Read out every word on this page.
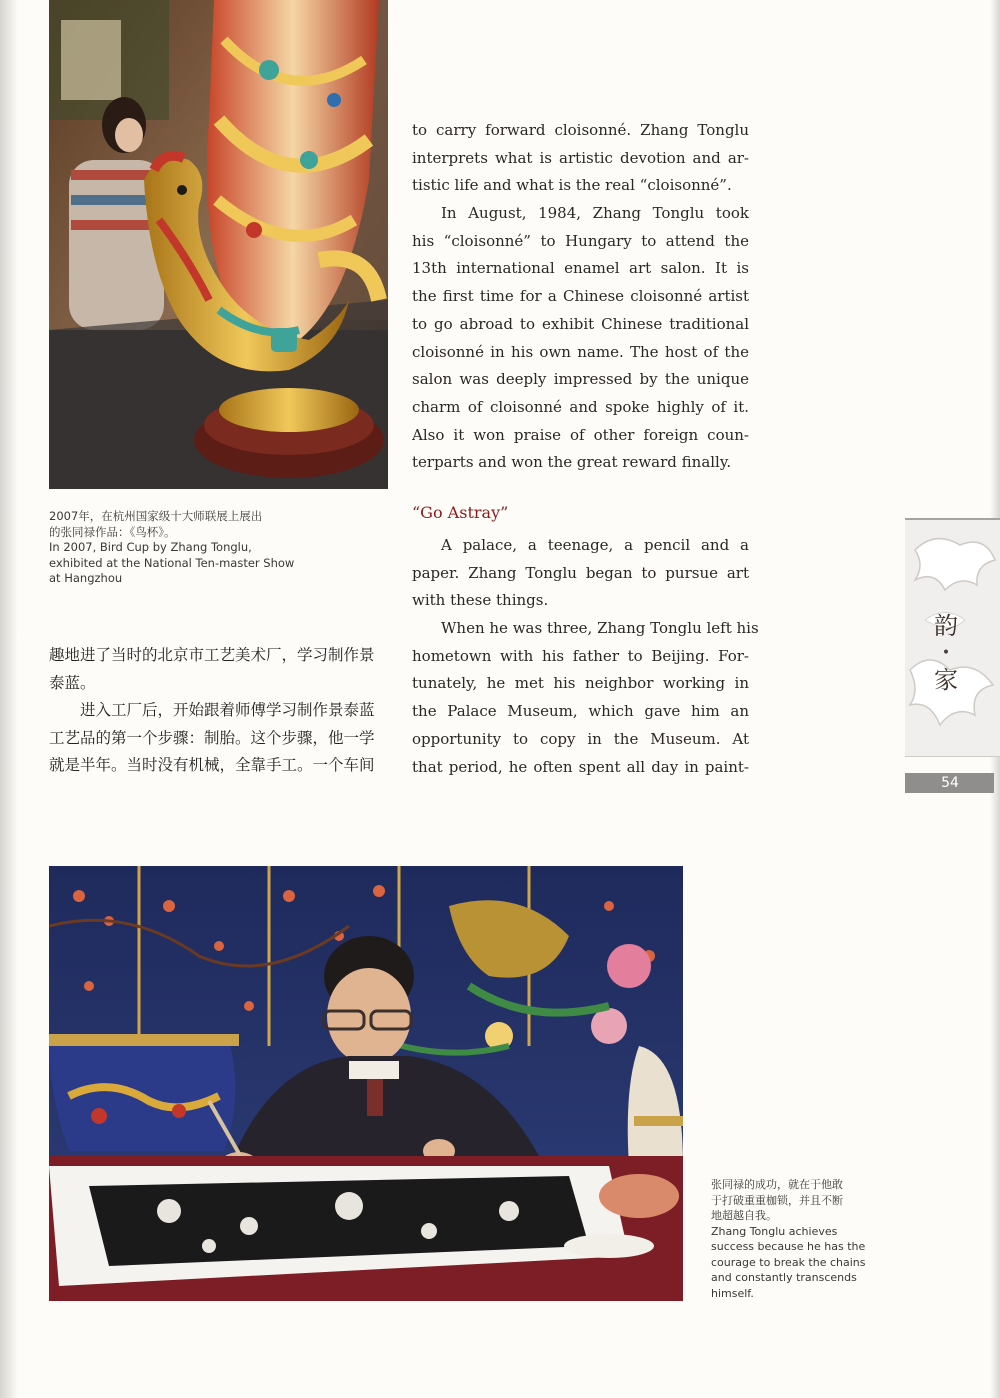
2007年，在杭州国家级十大师联展上展出
的张同禄作品：《鸟杯》。
In 2007, Bird Cup by Zhang Tonglu,
exhibited at the National Ten-master Show
at Hangzhou
to carry forward cloisonné. Zhang Tonglu
interprets what is artistic devotion and ar-
tistic life and what is the real “cloisonné”.
In August, 1984, Zhang Tonglu took
his “cloisonné” to Hungary to attend the
13th international enamel art salon. It is
the first time for a Chinese cloisonné artist
to go abroad to exhibit Chinese traditional
cloisonné in his own name. The host of the
salon was deeply impressed by the unique
charm of cloisonné and spoke highly of it.
Also it won praise of other foreign coun-
terparts and won the great reward finally.
“Go Astray”
A palace, a teenage, a pencil and a
paper. Zhang Tonglu began to pursue art
with these things.
When he was three, Zhang Tonglu left his
hometown with his father to Beijing. For-
tunately, he met his neighbor working in
the Palace Museum, which gave him an
opportunity to copy in the Museum. At
that period, he often spent all day in paint-
趣地进了当时的北京市工艺美术厂，学习制作景
泰蓝。
进入工厂后，开始跟着师傅学习制作景泰蓝
工艺品的第一个步骤：制胎。这个步骤，他一学
就是半年。当时没有机械，全靠手工。一个车间
韵
•
家
54
张同禄的成功，就在于他敢
于打破重重枷锁，并且不断
地超越自我。
Zhang Tonglu achieves
success because he has the
courage to break the chains
and constantly transcends
himself.
